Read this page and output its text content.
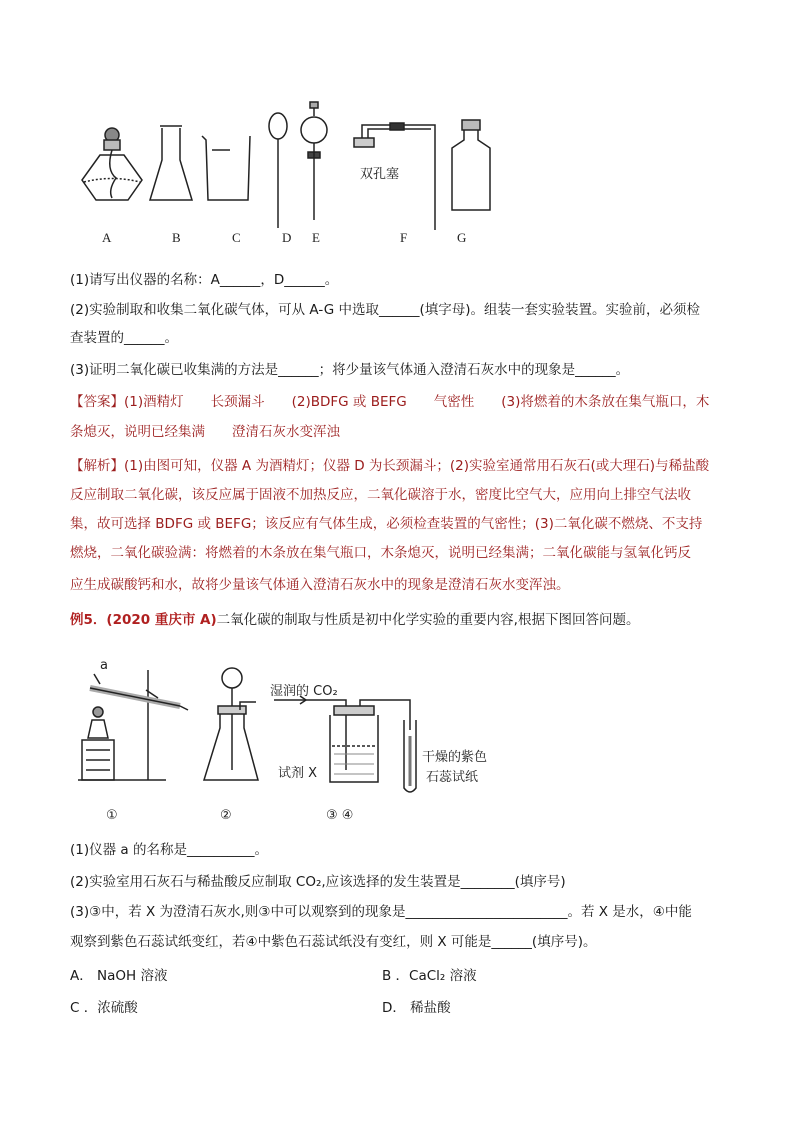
双孔塞
A	B	C	D E	F	G
(1)请写出仪器的名称：A______，D______。
(2)实验制取和收集二氧化碳气体，可从 A-G 中选取______(填字母)。组装一套实验装置。实验前，必须检
查装置的______。
(3)证明二氧化碳已收集满的方法是______；将少量该气体通入澄清石灰水中的现象是______。
【答案】(1)酒精灯　　长颈漏斗　　(2)BDFG 或 BEFG　　气密性　　(3)将燃着的木条放在集气瓶口，木
条熄灭，说明已经集满　　澄清石灰水变浑浊
【解析】(1)由图可知，仪器 A 为酒精灯；仪器 D 为长颈漏斗；(2)实验室通常用石灰石(或大理石)与稀盐酸
反应制取二氧化碳，该反应属于固液不加热反应，二氧化碳溶于水，密度比空气大，应用向上排空气法收
集，故可选择 BDFG 或 BEFG；该反应有气体生成，必须检查装置的气密性；(3)二氧化碳不燃烧、不支持
燃烧，二氧化碳验满：将燃着的木条放在集气瓶口，木条熄灭，说明已经集满；二氧化碳能与氢氧化钙反
应生成碳酸钙和水，故将少量该气体通入澄清石灰水中的现象是澄清石灰水变浑浊。
例5．(2020 重庆市 A)二氧化碳的制取与性质是初中化学实验的重要内容,根据下图回答问题。
a
湿润的 CO₂
试剂 X
干燥的紫色
石蕊试纸
①	②	③ ④
(1)仪器 a 的名称是__________。
(2)实验室用石灰石与稀盐酸反应制取 CO₂,应该选择的发生装置是________(填序号)
(3)③中，若 X 为澄清石灰水,则③中可以观察到的现象是________________________。若 X 是水，④中能
观察到紫色石蕊试纸变红，若④中紫色石蕊试纸没有变红，则 X 可能是______(填序号)。
A． NaOH 溶液	B ．CaCl₂ 溶液
C ．浓硫酸	D． 稀盐酸
